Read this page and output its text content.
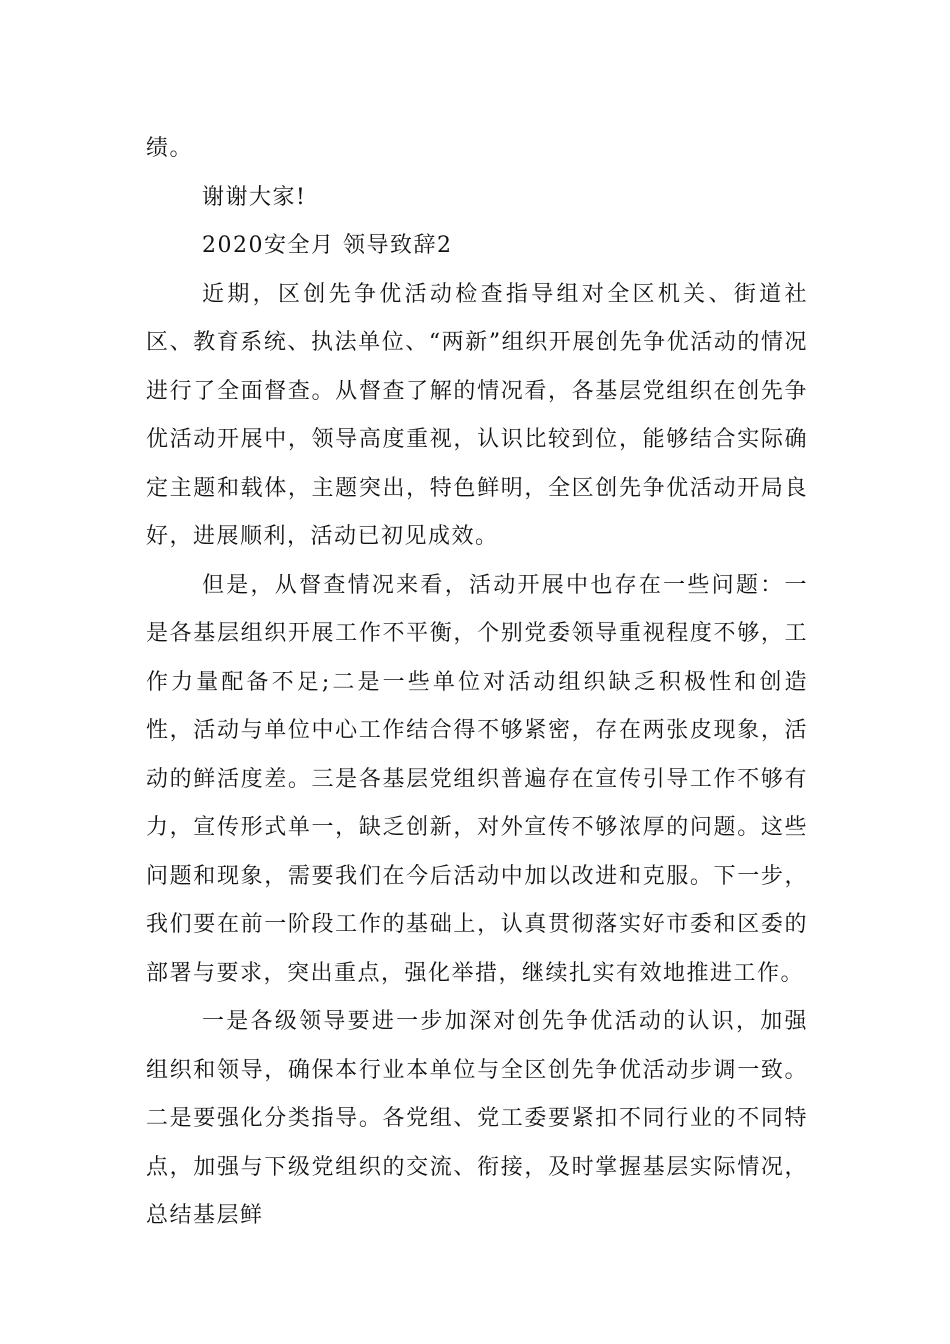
绩。

谢谢大家!

2020安全月 领导致辞2

近期，区创先争优活动检查指导组对全区机关、街道社区、教育系统、执法单位、“两新”组织开展创先争优活动的情况进行了全面督查。从督查了解的情况看，各基层党组织在创先争优活动开展中，领导高度重视，认识比较到位，能够结合实际确定主题和载体，主题突出，特色鲜明，全区创先争优活动开局良好，进展顺利，活动已初见成效。

但是，从督查情况来看，活动开展中也存在一些问题：一是各基层组织开展工作不平衡，个别党委领导重视程度不够，工作力量配备不足;二是一些单位对活动组织缺乏积极性和创造性，活动与单位中心工作结合得不够紧密，存在两张皮现象，活动的鲜活度差。三是各基层党组织普遍存在宣传引导工作不够有力，宣传形式单一，缺乏创新，对外宣传不够浓厚的问题。这些问题和现象，需要我们在今后活动中加以改进和克服。下一步，我们要在前一阶段工作的基础上，认真贯彻落实好市委和区委的部署与要求，突出重点，强化举措，继续扎实有效地推进工作。

一是各级领导要进一步加深对创先争优活动的认识，加强组织和领导，确保本行业本单位与全区创先争优活动步调一致。二是要强化分类指导。各党组、党工委要紧扣不同行业的不同特点，加强与下级党组织的交流、衔接，及时掌握基层实际情况，总结基层鲜
